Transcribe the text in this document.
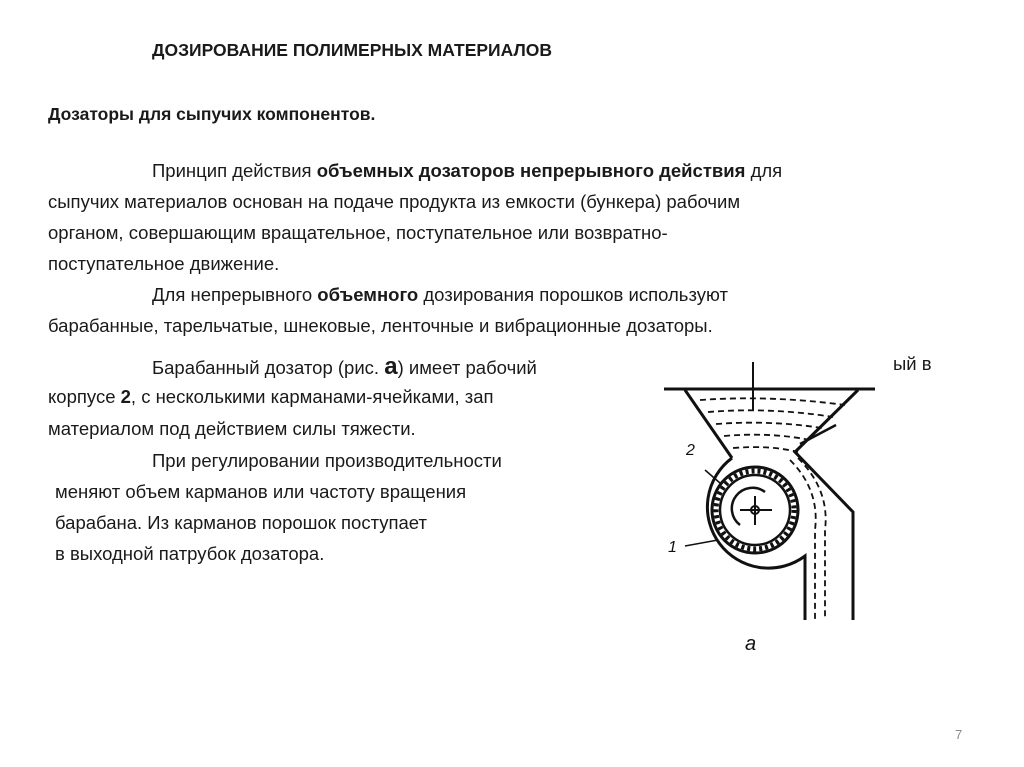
ДОЗИРОВАНИЕ ПОЛИМЕРНЫХ МАТЕРИАЛОВ
Дозаторы для сыпучих компонентов.
Принцип действия объемных дозаторов непрерывного действия для
сыпучих материалов основан на подаче продукта из емкости (бункера) рабочим
органом, совершающим вращательное, поступательное или возвратно-
поступательное движение.
Для непрерывного объемного дозирования порошков используют
барабанные, тарельчатые, шнековые, ленточные и вибрационные дозаторы.
Барабанный дозатор (рис. а) имеет рабочий	ый в
корпусе 2, с несколькими карманами-ячейками, зап
материалом под действием силы тяжести.
При регулировании производительности
меняют объем карманов или частоту вращения
барабана. Из карманов порошок поступает
в выходной патрубок дозатора.
2
1
а
7
